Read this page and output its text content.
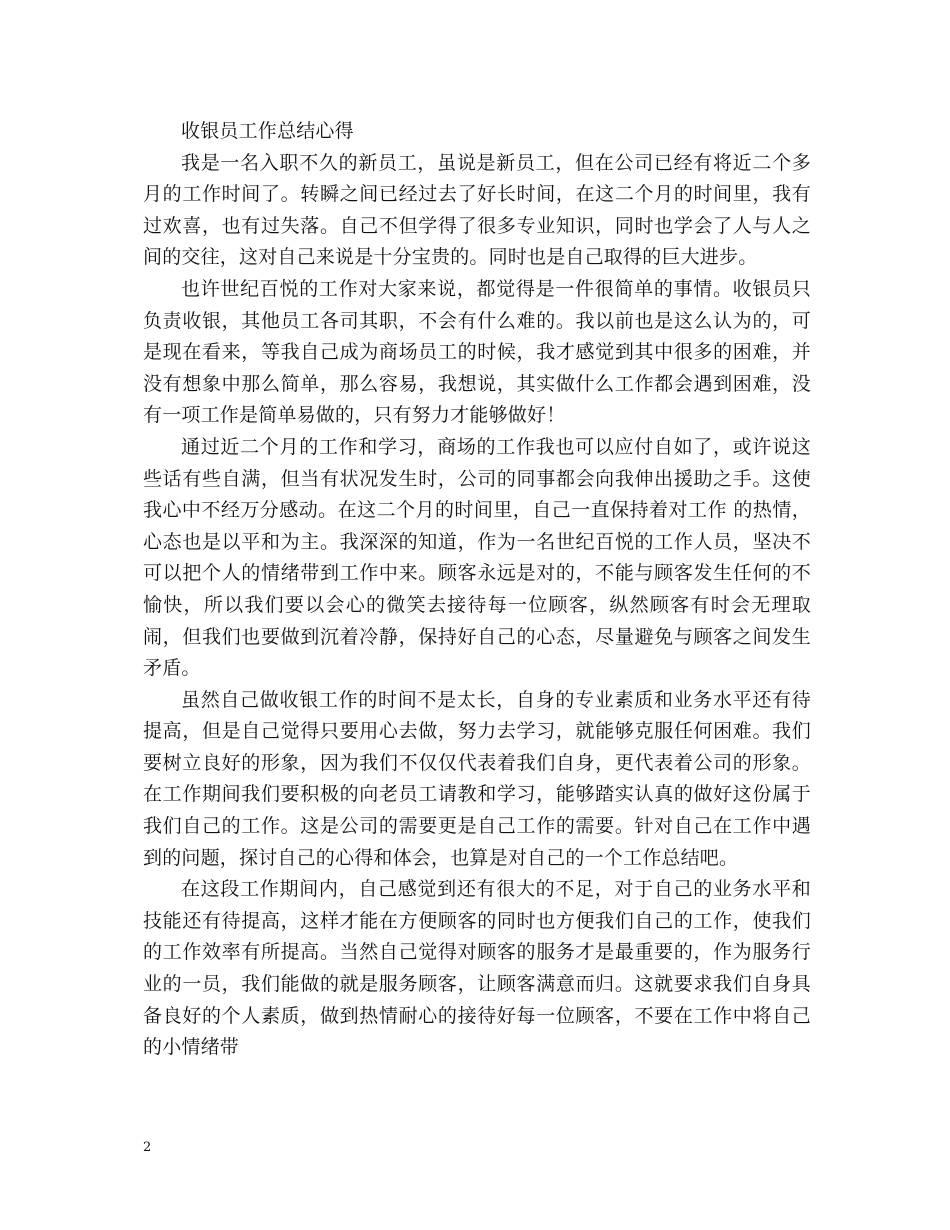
收银员工作总结心得

我是一名入职不久的新员工，虽说是新员工，但在公司已经有将近二个多月的工作时间了。转瞬之间已经过去了好长时间，在这二个月的时间里，我有过欢喜，也有过失落。自己不但学得了很多专业知识，同时也学会了人与人之间的交往，这对自己来说是十分宝贵的。同时也是自己取得的巨大进步。

也许世纪百悦的工作对大家来说，都觉得是一件很简单的事情。收银员只负责收银，其他员工各司其职，不会有什么难的。我以前也是这么认为的，可是现在看来，等我自己成为商场员工的时候，我才感觉到其中很多的困难，并没有想象中那么简单，那么容易，我想说，其实做什么工作都会遇到困难，没有一项工作是简单易做的，只有努力才能够做好！

通过近二个月的工作和学习，商场的工作我也可以应付自如了，或许说这些话有些自满，但当有状况发生时，公司的同事都会向我伸出援助之手。这使我心中不经万分感动。在这二个月的时间里，自己一直保持着对工作 的热情，心态也是以平和为主。我深深的知道，作为一名世纪百悦的工作人员，坚决不可以把个人的情绪带到工作中来。顾客永远是对的，不能与顾客发生任何的不愉快，所以我们要以会心的微笑去接待每一位顾客，纵然顾客有时会无理取闹，但我们也要做到沉着冷静，保持好自己的心态，尽量避免与顾客之间发生矛盾。

虽然自己做收银工作的时间不是太长，自身的专业素质和业务水平还有待提高，但是自己觉得只要用心去做，努力去学习，就能够克服任何困难。我们要树立良好的形象，因为我们不仅仅代表着我们自身，更代表着公司的形象。在工作期间我们要积极的向老员工请教和学习，能够踏实认真的做好这份属于我们自己的工作。这是公司的需要更是自己工作的需要。针对自己在工作中遇到的问题，探讨自己的心得和体会，也算是对自己的一个工作总结吧。

在这段工作期间内，自己感觉到还有很大的不足，对于自己的业务水平和技能还有待提高，这样才能在方便顾客的同时也方便我们自己的工作，使我们的工作效率有所提高。当然自己觉得对顾客的服务才是最重要的，作为服务行业的一员，我们能做的就是服务顾客，让顾客满意而归。这就要求我们自身具备良好的个人素质，做到热情耐心的接待好每一位顾客，不要在工作中将自己的小情绪带

2
